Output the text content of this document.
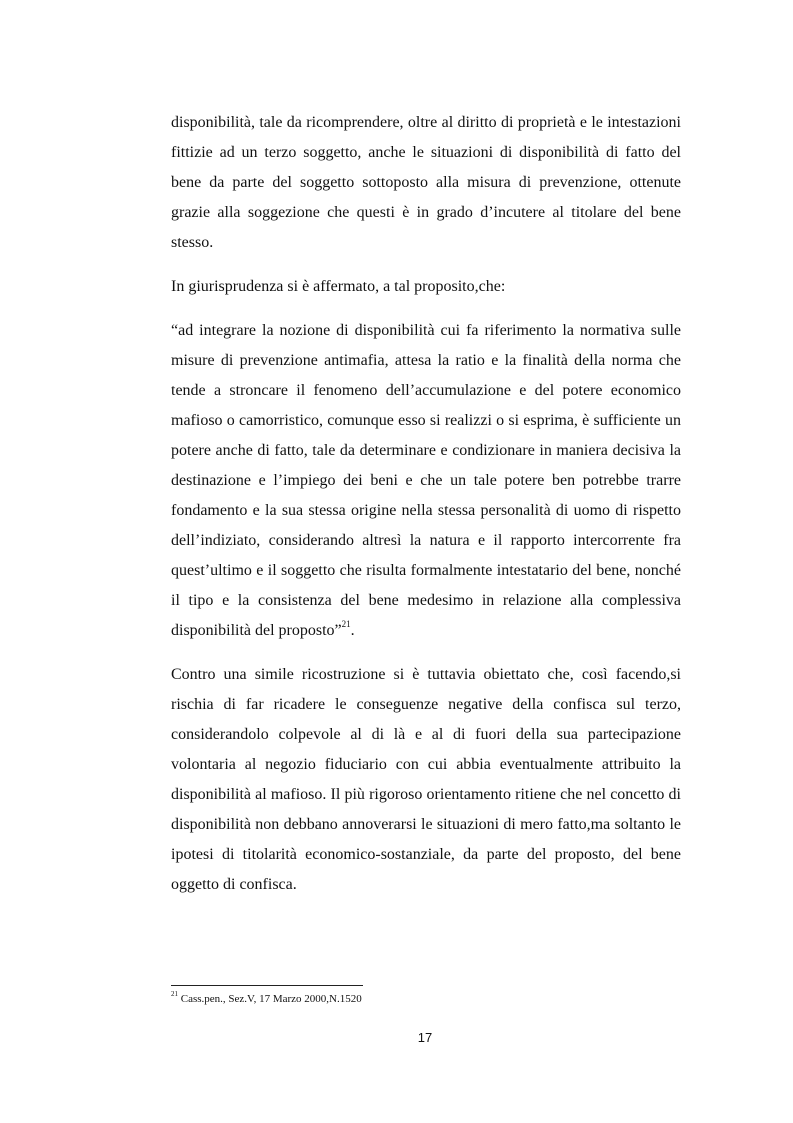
disponibilità, tale da ricomprendere, oltre al diritto di proprietà e le intestazioni fittizie ad un terzo soggetto, anche le situazioni di disponibilità di fatto del bene da parte del soggetto sottoposto alla misura di prevenzione, ottenute grazie alla soggezione che questi è in grado d’incutere al titolare del bene stesso.

In giurisprudenza si è affermato, a tal proposito,che:

“ad integrare la nozione di disponibilità cui fa riferimento la normativa sulle misure di prevenzione antimafia, attesa la ratio e la finalità della norma che tende a stroncare il fenomeno dell’accumulazione e del potere economico mafioso o camorristico, comunque esso si realizzi o si esprima, è sufficiente un potere anche di fatto, tale da determinare e condizionare in maniera decisiva la destinazione e l’impiego dei beni e che un tale potere ben potrebbe trarre fondamento e la sua stessa origine nella stessa personalità di uomo di rispetto dell’indiziato, considerando altresì la natura e il rapporto intercorrente fra quest’ultimo e il soggetto che risulta formalmente intestatario del bene, nonché il tipo e la consistenza del bene medesimo in relazione alla complessiva disponibilità del proposto”$^{21}$.

Contro una simile ricostruzione si è tuttavia obiettato che, così facendo,si rischia di far ricadere le conseguenze negative della confisca sul terzo, considerandolo colpevole al di là e al di fuori della sua partecipazione volontaria al negozio fiduciario con cui abbia eventualmente attribuito la disponibilità al mafioso. Il più rigoroso orientamento ritiene che nel concetto di disponibilità non debbano annoverarsi le situazioni di mero fatto,ma soltanto le ipotesi di titolarità economico-sostanziale, da parte del proposto, del bene oggetto di confisca.

$^{21}$ Cass.pen., Sez.V, 17 Marzo 2000,N.1520
17
